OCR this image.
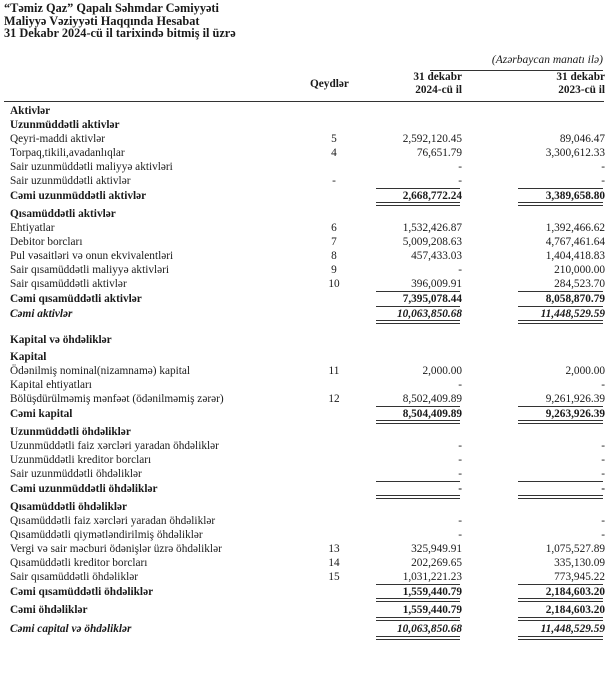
“Təmiz Qaz” Qapalı Səhmdar Cəmiyyəti
Maliyyə Vəziyyəti Haqqında Hesabat
31 Dekabr 2024-cü il tarixində bitmiş il üzrə
(Azərbaycan manatı ilə)
Qeydlər
31 dekabr
2024-cü il
31 dekabr
2023-cü il
Aktivlər
Uzunmüddətli aktivlər
Qeyri-maddi aktivlər	5	2,592,120.45	89,046.47
Torpaq,tikili,avadanlıqlar	4	76,651.79	3,300,612.33
Sair uzunmüddətli maliyyə aktivləri	-	-
Sair uzunmüddətli aktivlər	-	-	-
Cəmi uzunmüddətli aktivlər	2,668,772.24	3,389,658.80
Qısamüddətli aktivlər
Ehtiyatlar	6	1,532,426.87	1,392,466.62
Debitor borcları	7	5,009,208.63	4,767,461.64
Pul vəsaitləri və onun ekvivalentləri	8	457,433.03	1,404,418.83
Sair qısamüddətli maliyyə aktivləri	9	-	210,000.00
Sair qısamüddətli aktivlər	10	396,009.91	284,523.70
Cəmi qısamüddətli aktivlər	7,395,078.44	8,058,870.79
Cəmi aktivlər	10,063,850.68	11,448,529.59
Kapital və öhdəliklər
Kapital
Ödənilmiş nominal(nizamnamə) kapital	11	2,000.00	2,000.00
Kapital ehtiyatları	-	-
Bölüşdürülməmiş mənfəət (ödənilməmiş zərər)	12	8,502,409.89	9,261,926.39
Cəmi kapital	8,504,409.89	9,263,926.39
Uzunmüddətli öhdəliklər
Uzunmüddətli faiz xərcləri yaradan öhdəliklər	-	-
Uzunmüddətli kreditor borcları	-	-
Sair uzunmüddətli öhdəliklər	-	-
Cəmi uzunmüddətli öhdəliklər	-	-
Qısamüddətli öhdəliklər
Qısamüddətli faiz xərcləri yaradan öhdəliklər	-	-
Qısamüddətli qiymətləndirilmiş öhdəliklər	-	-
Vergi və sair məcburi ödənişlər üzrə öhdəliklər	13	325,949.91	1,075,527.89
Qısamüddətli kreditor borcları	14	202,269.65	335,130.09
Sair qısamüddətli öhdəliklər	15	1,031,221.23	773,945.22
Cəmi qısamüddətli öhdəliklər	1,559,440.79	2,184,603.20
Cəmi öhdəliklər	1,559,440.79	2,184,603.20
Cəmi capital və öhdəliklər	10,063,850.68	11,448,529.59
